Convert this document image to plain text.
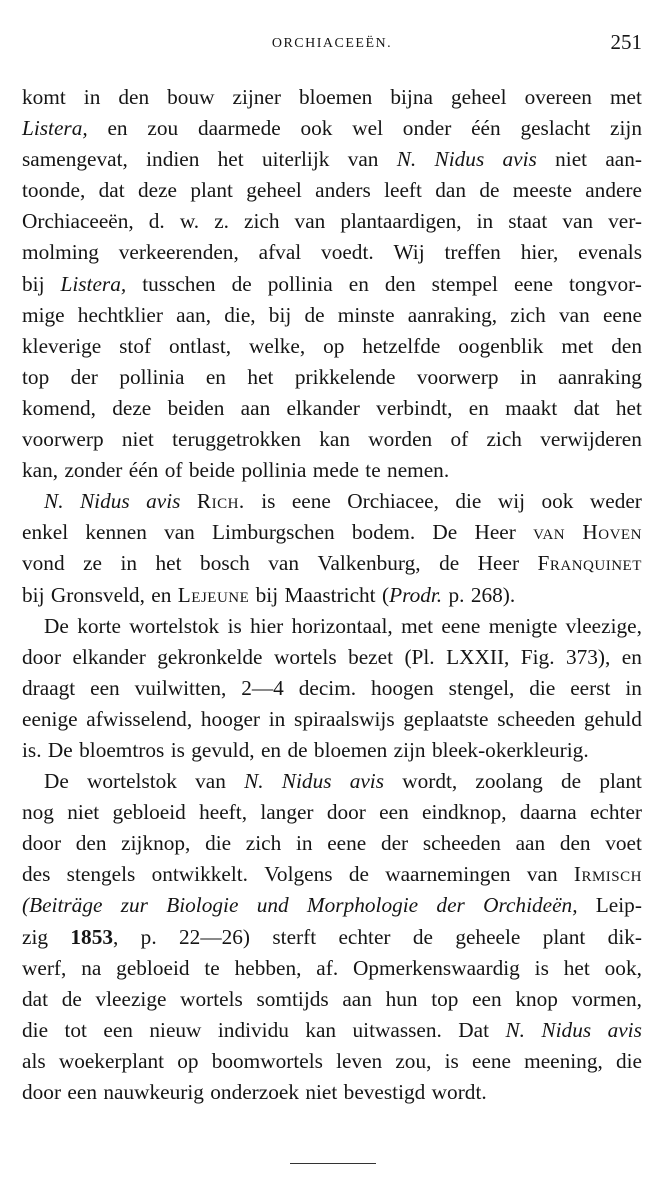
ORCHIACEEËN.	251
komt in den bouw zijner bloemen bijna geheel overeen met
Listera, en zou daarmede ook wel onder één geslacht zijn
samengevat, indien het uiterlijk van N. Nidus avis niet aan-
toonde, dat deze plant geheel anders leeft dan de meeste andere
Orchiaceeën, d. w. z. zich van plantaardigen, in staat van ver-
molming verkeerenden, afval voedt. Wij treffen hier, evenals
bij Listera, tusschen de pollinia en den stempel eene tongvor-
mige hechtklier aan, die, bij de minste aanraking, zich van eene
kleverige stof ontlast, welke, op hetzelfde oogenblik met den
top der pollinia en het prikkelende voorwerp in aanraking
komend, deze beiden aan elkander verbindt, en maakt dat het
voorwerp niet teruggetrokken kan worden of zich verwijderen
kan, zonder één of beide pollinia mede te nemen.
N. Nidus avis Rich. is eene Orchiacee, die wij ook weder
enkel kennen van Limburgschen bodem. De Heer van Hoven
vond ze in het bosch van Valkenburg, de Heer Franquinet
bij Gronsveld, en Lejeune bij Maastricht (Prodr. p. 268).
De korte wortelstok is hier horizontaal, met eene menigte vleezige,
door elkander gekronkelde wortels bezet (Pl. LXXII, Fig. 373), en
draagt een vuilwitten, 2—4 decim. hoogen stengel, die eerst in
eenige afwisselend, hooger in spiraalswijs geplaatste scheeden gehuld
is. De bloemtros is gevuld, en de bloemen zijn bleek-okerkleurig.
De wortelstok van N. Nidus avis wordt, zoolang de plant
nog niet gebloeid heeft, langer door een eindknop, daarna echter
door den zijknop, die zich in eene der scheeden aan den voet
des stengels ontwikkelt. Volgens de waarnemingen van Irmisch
(Beiträge zur Biologie und Morphologie der Orchideën, Leip-
zig 1853, p. 22—26) sterft echter de geheele plant dik-
werf, na gebloeid te hebben, af. Opmerkenswaardig is het ook,
dat de vleezige wortels somtijds aan hun top een knop vormen,
die tot een nieuw individu kan uitwassen. Dat N. Nidus avis
als woekerplant op boomwortels leven zou, is eene meening, die
door een nauwkeurig onderzoek niet bevestigd wordt.
